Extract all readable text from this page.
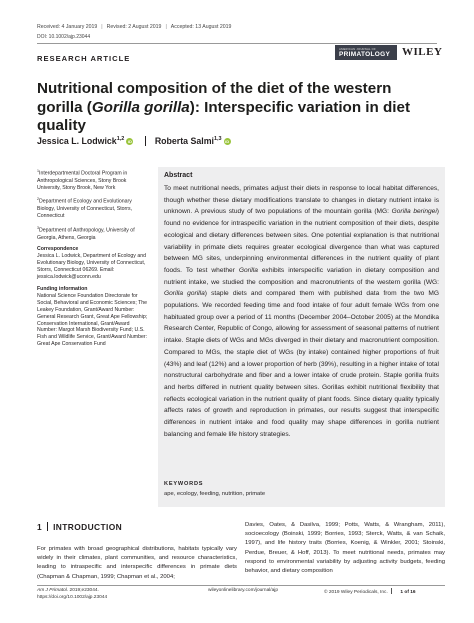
Received: 4 January 2019 | Revised: 2 August 2019 | Accepted: 13 August 2019
DOI: 10.1002/ajp.23044
RESEARCH ARTICLE
AMERICAN JOURNAL OF
PRIMATOLOGY WILEY
Nutritional composition of the diet of the western gorilla (Gorilla gorilla): Interspecific variation in diet quality
Jessica L. Lodwick$^{1,2}$ iD	Roberta Salmi$^{1,3}$ iD
$^1$Interdepartmental Doctoral Program in Anthropological Sciences, Stony Brook University, Stony Brook, New York
$^2$Department of Ecology and Evolutionary Biology, University of Connecticut, Storrs, Connecticut
$^3$Department of Anthropology, University of Georgia, Athens, Georgia
Correspondence
Jessica L. Lodwick, Department of Ecology and Evolutionary Biology, University of Connecticut, Storrs, Connecticut 06269. Email: jessica.lodwick@uconn.edu
Funding information
National Science Foundation Directorate for Social, Behavioral and Economic Sciences; The Leakey Foundation, Grant/Award Number: General Research Grant, Great Ape Fellowship; Conservation International, Grant/Award Number: Margot Marsh Biodiversity Fund; U.S. Fish and Wildlife Service, Grant/Award Number: Great Ape Conservation Fund
Abstract
To meet nutritional needs, primates adjust their diets in response to local habitat differences, though whether these dietary modifications translate to changes in dietary nutrient intake is unknown. A previous study of two populations of the mountain gorilla (MG: Gorilla beringei) found no evidence for intraspecific variation in the nutrient composition of their diets, despite ecological and dietary differences between sites. One potential explanation is that nutritional variability in primate diets requires greater ecological divergence than what was captured between MG sites, underpinning environmental differences in the nutrient quality of plant foods. To test whether Gorilla exhibits interspecific variation in dietary composition and nutrient intake, we studied the composition and macronutrients of the western gorilla (WG: Gorilla gorilla) staple diets and compared them with published data from the two MG populations. We recorded feeding time and food intake of four adult female WGs from one habituated group over a period of 11 months (December 2004–October 2005) at the Mondika Research Center, Republic of Congo, allowing for assessment of seasonal patterns of nutrient intake. Staple diets of WGs and MGs diverged in their dietary and macronutrient composition. Compared to MGs, the staple diet of WGs (by intake) contained higher proportions of fruit (43%) and leaf (12%) and a lower proportion of herb (39%), resulting in a higher intake of total nonstructural carbohydrate and fiber and a lower intake of crude protein. Staple gorilla fruits and herbs differed in nutrient quality between sites. Gorillas exhibit nutritional flexibility that reflects ecological variation in the nutrient quality of plant foods. Since dietary quality typically affects rates of growth and reproduction in primates, our results suggest that interspecific differences in nutrient intake and food quality may shape differences in gorilla nutrient balancing and female life history strategies.
KEYWORDS
ape, ecology, feeding, nutrition, primate
1 INTRODUCTION
For primates with broad geographical distributions, habitats typically vary widely in their climates, plant communities, and resource characteristics, leading to intraspecific and interspecific differences in primate diets (Chapman & Chapman, 1999; Chapman et al., 2004;
Davies, Oates, & Dasilva, 1999; Potts, Watts, & Wrangham, 2011), socioecology (Boinski, 1999; Borries, 1993; Sterck, Watts, & van Schaik, 1997), and life history traits (Borries, Koenig, & Winkler, 2001; Stoinski, Perdue, Breuer, & Hoff, 2013). To meet nutritional needs, primates may respond to environmental variability by adjusting activity budgets, feeding behavior, and dietary composition
Am J Primatol. 2019;e23044.
https://doi.org/10.1002/ajp.23044
wileyonlinelibrary.com/journal/ajp	© 2019 Wiley Periodicals, Inc.	1 of 16
